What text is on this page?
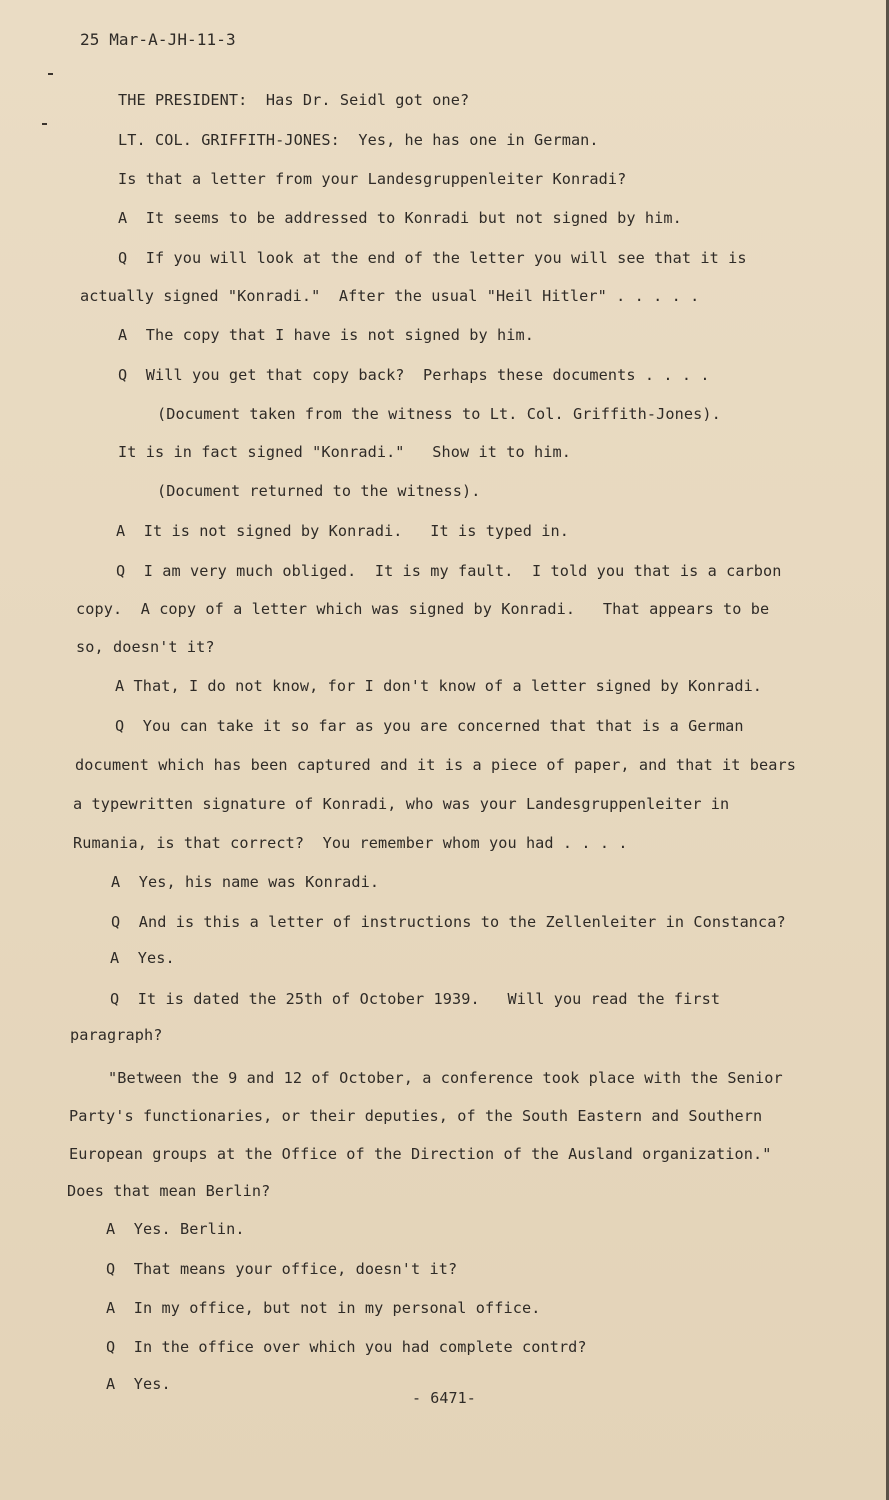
25 Mar-A-JH-11-3
THE PRESIDENT:  Has Dr. Seidl got one?
LT. COL. GRIFFITH-JONES:  Yes, he has one in German.
Is that a letter from your Landesgruppenleiter Konradi?
A  It seems to be addressed to Konradi but not signed by him.
Q  If you will look at the end of the letter you will see that it is
actually signed "Konradi."  After the usual "Heil Hitler" . . . . .
A  The copy that I have is not signed by him.
Q  Will you get that copy back?  Perhaps these documents . . . .
(Document taken from the witness to Lt. Col. Griffith-Jones).
It is in fact signed "Konradi."   Show it to him.
(Document returned to the witness).
A  It is not signed by Konradi.   It is typed in.
Q  I am very much obliged.  It is my fault.  I told you that is a carbon
copy.  A copy of a letter which was signed by Konradi.   That appears to be
so, doesn't it?
A That, I do not know, for I don't know of a letter signed by Konradi.
Q  You can take it so far as you are concerned that that is a German
document which has been captured and it is a piece of paper, and that it bears
a typewritten signature of Konradi, who was your Landesgruppenleiter in
Rumania, is that correct?  You remember whom you had . . . .
A  Yes, his name was Konradi.
Q  And is this a letter of instructions to the Zellenleiter in Constanca?
A  Yes.
Q  It is dated the 25th of October 1939.   Will you read the first
paragraph?
"Between the 9 and 12 of October, a conference took place with the Senior
Party's functionaries, or their deputies, of the South Eastern and Southern
European groups at the Office of the Direction of the Ausland organization."
Does that mean Berlin?
A  Yes. Berlin.
Q  That means your office, doesn't it?
A  In my office, but not in my personal office.
Q  In the office over which you had complete contrd?
A  Yes.
- 6471-
